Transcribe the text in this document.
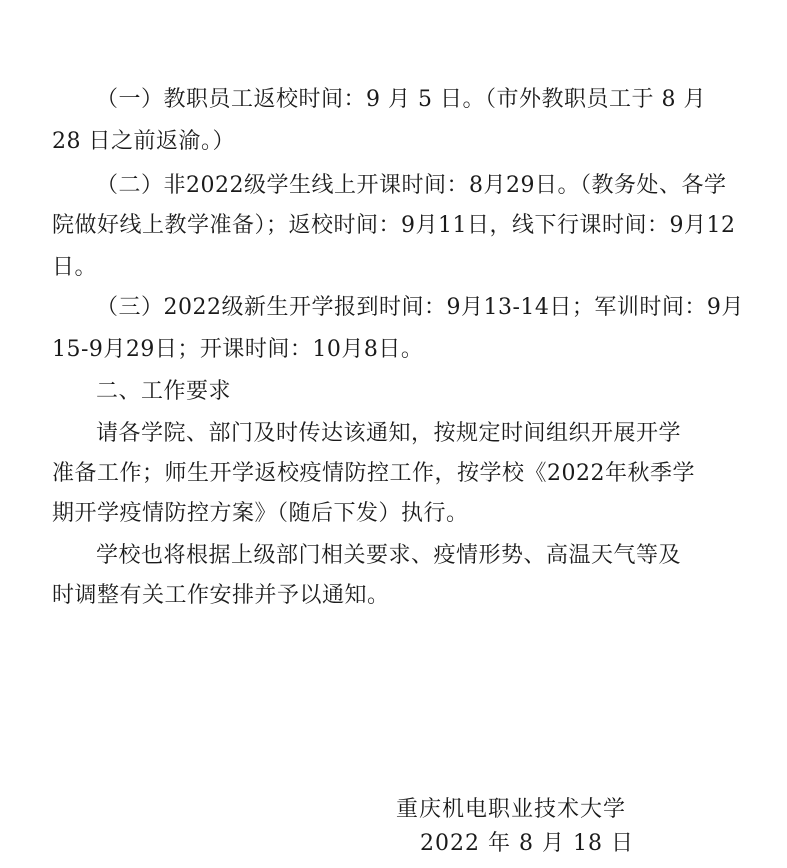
（一）教职员工返校时间：9 月 5 日。（市外教职员工于 8 月
28 日之前返渝。）
（二）非2022级学生线上开课时间：8月29日。（教务处、各学
院做好线上教学准备）；返校时间：9月11日，线下行课时间：9月12
日。
（三）2022级新生开学报到时间：9月13-14日；军训时间：9月
15-9月29日；开课时间：10月8日。
二、工作要求
请各学院、部门及时传达该通知，按规定时间组织开展开学
准备工作；师生开学返校疫情防控工作，按学校《2022年秋季学
期开学疫情防控方案》（随后下发）执行。
学校也将根据上级部门相关要求、疫情形势、高温天气等及
时调整有关工作安排并予以通知。
重庆机电职业技术大学
2022 年 8 月 18 日
